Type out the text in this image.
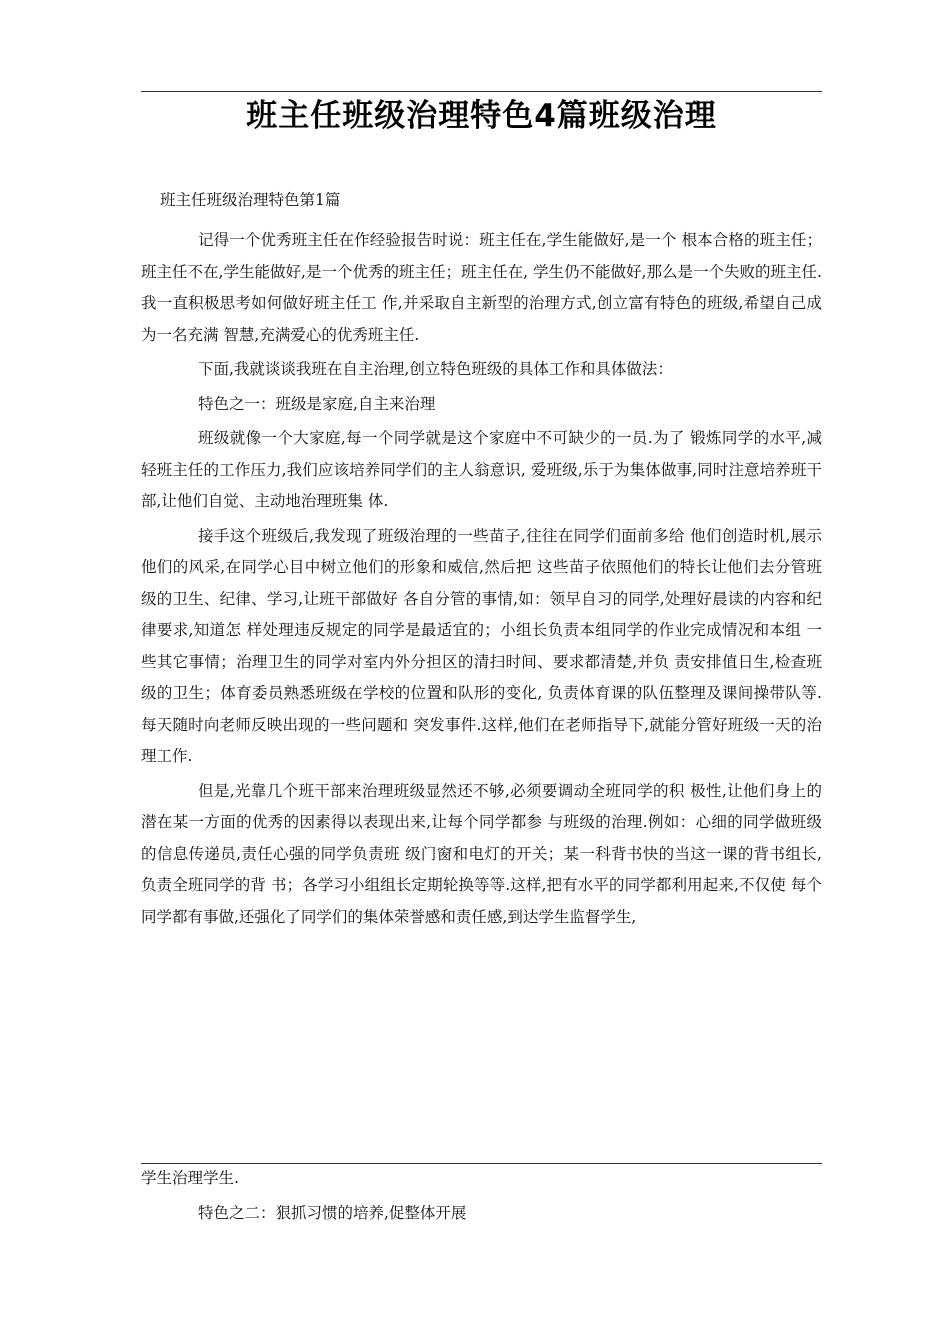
班主任班级治理特色4篇班级治理
班主任班级治理特色第1篇

记得一个优秀班主任在作经验报告时说：班主任在,学生能做好,是一个 根本合格的班主任；班主任不在,学生能做好,是一个优秀的班主任；班主任在, 学生仍不能做好,那么是一个失败的班主任.我一直积极思考如何做好班主任工 作,并采取自主新型的治理方式,创立富有特色的班级,希望自己成为一名充满 智慧,充满爱心的优秀班主任.

下面,我就谈谈我班在自主治理,创立特色班级的具体工作和具体做法：

特色之一：班级是家庭,自主来治理

班级就像一个大家庭,每一个同学就是这个家庭中不可缺少的一员.为了 锻炼同学的水平,减轻班主任的工作压力,我们应该培养同学们的主人翁意识, 爱班级,乐于为集体做事,同时注意培养班干部,让他们自觉、主动地治理班集 体.

接手这个班级后,我发现了班级治理的一些苗子,往往在同学们面前多给 他们创造时机,展示他们的风采,在同学心目中树立他们的形象和威信,然后把 这些苗子依照他们的特长让他们去分管班级的卫生、纪律、学习,让班干部做好 各自分管的事情,如：领早自习的同学,处理好晨读的内容和纪律要求,知道怎 样处理违反规定的同学是最适宜的；小组长负责本组同学的作业完成情况和本组 一些其它事情；治理卫生的同学对室内外分担区的清扫时间、要求都清楚,并负 责安排值日生,检查班级的卫生；体育委员熟悉班级在学校的位置和队形的变化, 负责体育课的队伍整理及课间操带队等.每天随时向老师反映出现的一些问题和 突发事件.这样,他们在老师指导下,就能分管好班级一天的治理工作.

但是,光靠几个班干部来治理班级显然还不够,必须要调动全班同学的积 极性,让他们身上的潜在某一方面的优秀的因素得以表现出来,让每个同学都参 与班级的治理.例如：心细的同学做班级的信息传递员,责任心强的同学负责班 级门窗和电灯的开关；某一科背书快的当这一课的背书组长,负责全班同学的背 书；各学习小组组长定期轮换等等.这样,把有水平的同学都利用起来,不仅使 每个同学都有事做,还强化了同学们的集体荣誉感和责任感,到达学生监督学生,

学生治理学生.

特色之二：狠抓习惯的培养,促整体开展
